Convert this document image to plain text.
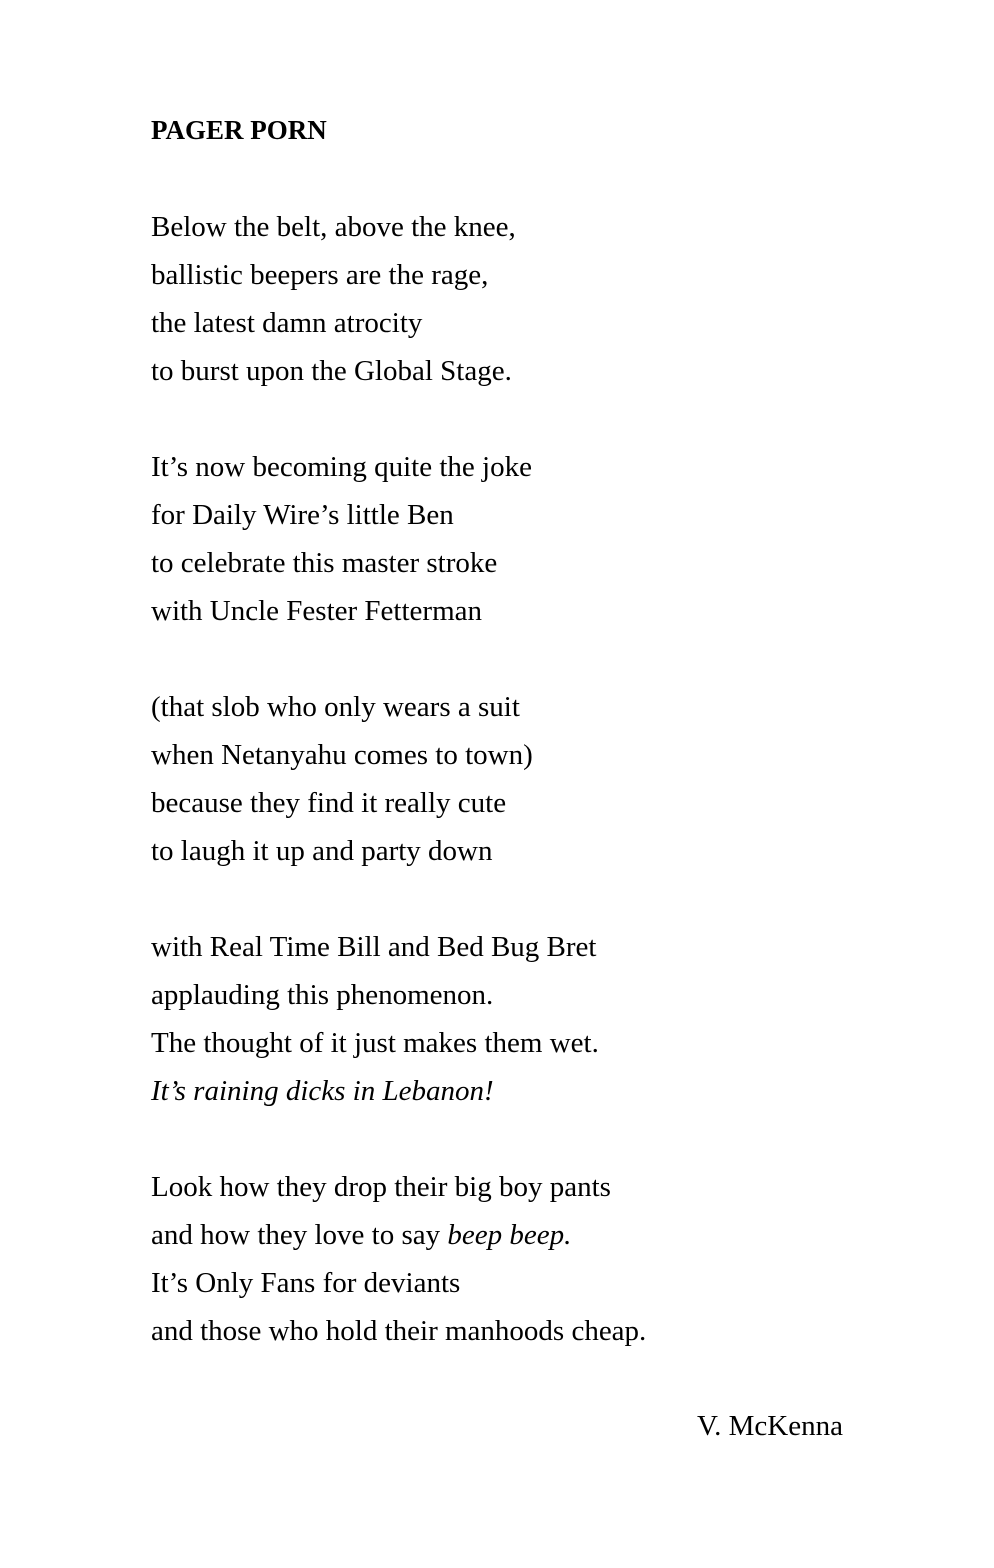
PAGER PORN
Below the belt, above the knee,
ballistic beepers are the rage,
the latest damn atrocity
to burst upon the Global Stage.
It’s now becoming quite the joke
for Daily Wire’s little Ben
to celebrate this master stroke
with Uncle Fester Fetterman
(that slob who only wears a suit
when Netanyahu comes to town)
because they find it really cute
to laugh it up and party down
with Real Time Bill and Bed Bug Bret
applauding this phenomenon.
The thought of it just makes them wet.
It’s raining dicks in Lebanon!
Look how they drop their big boy pants
and how they love to say beep beep.
It’s Only Fans for deviants
and those who hold their manhoods cheap.
V. McKenna
